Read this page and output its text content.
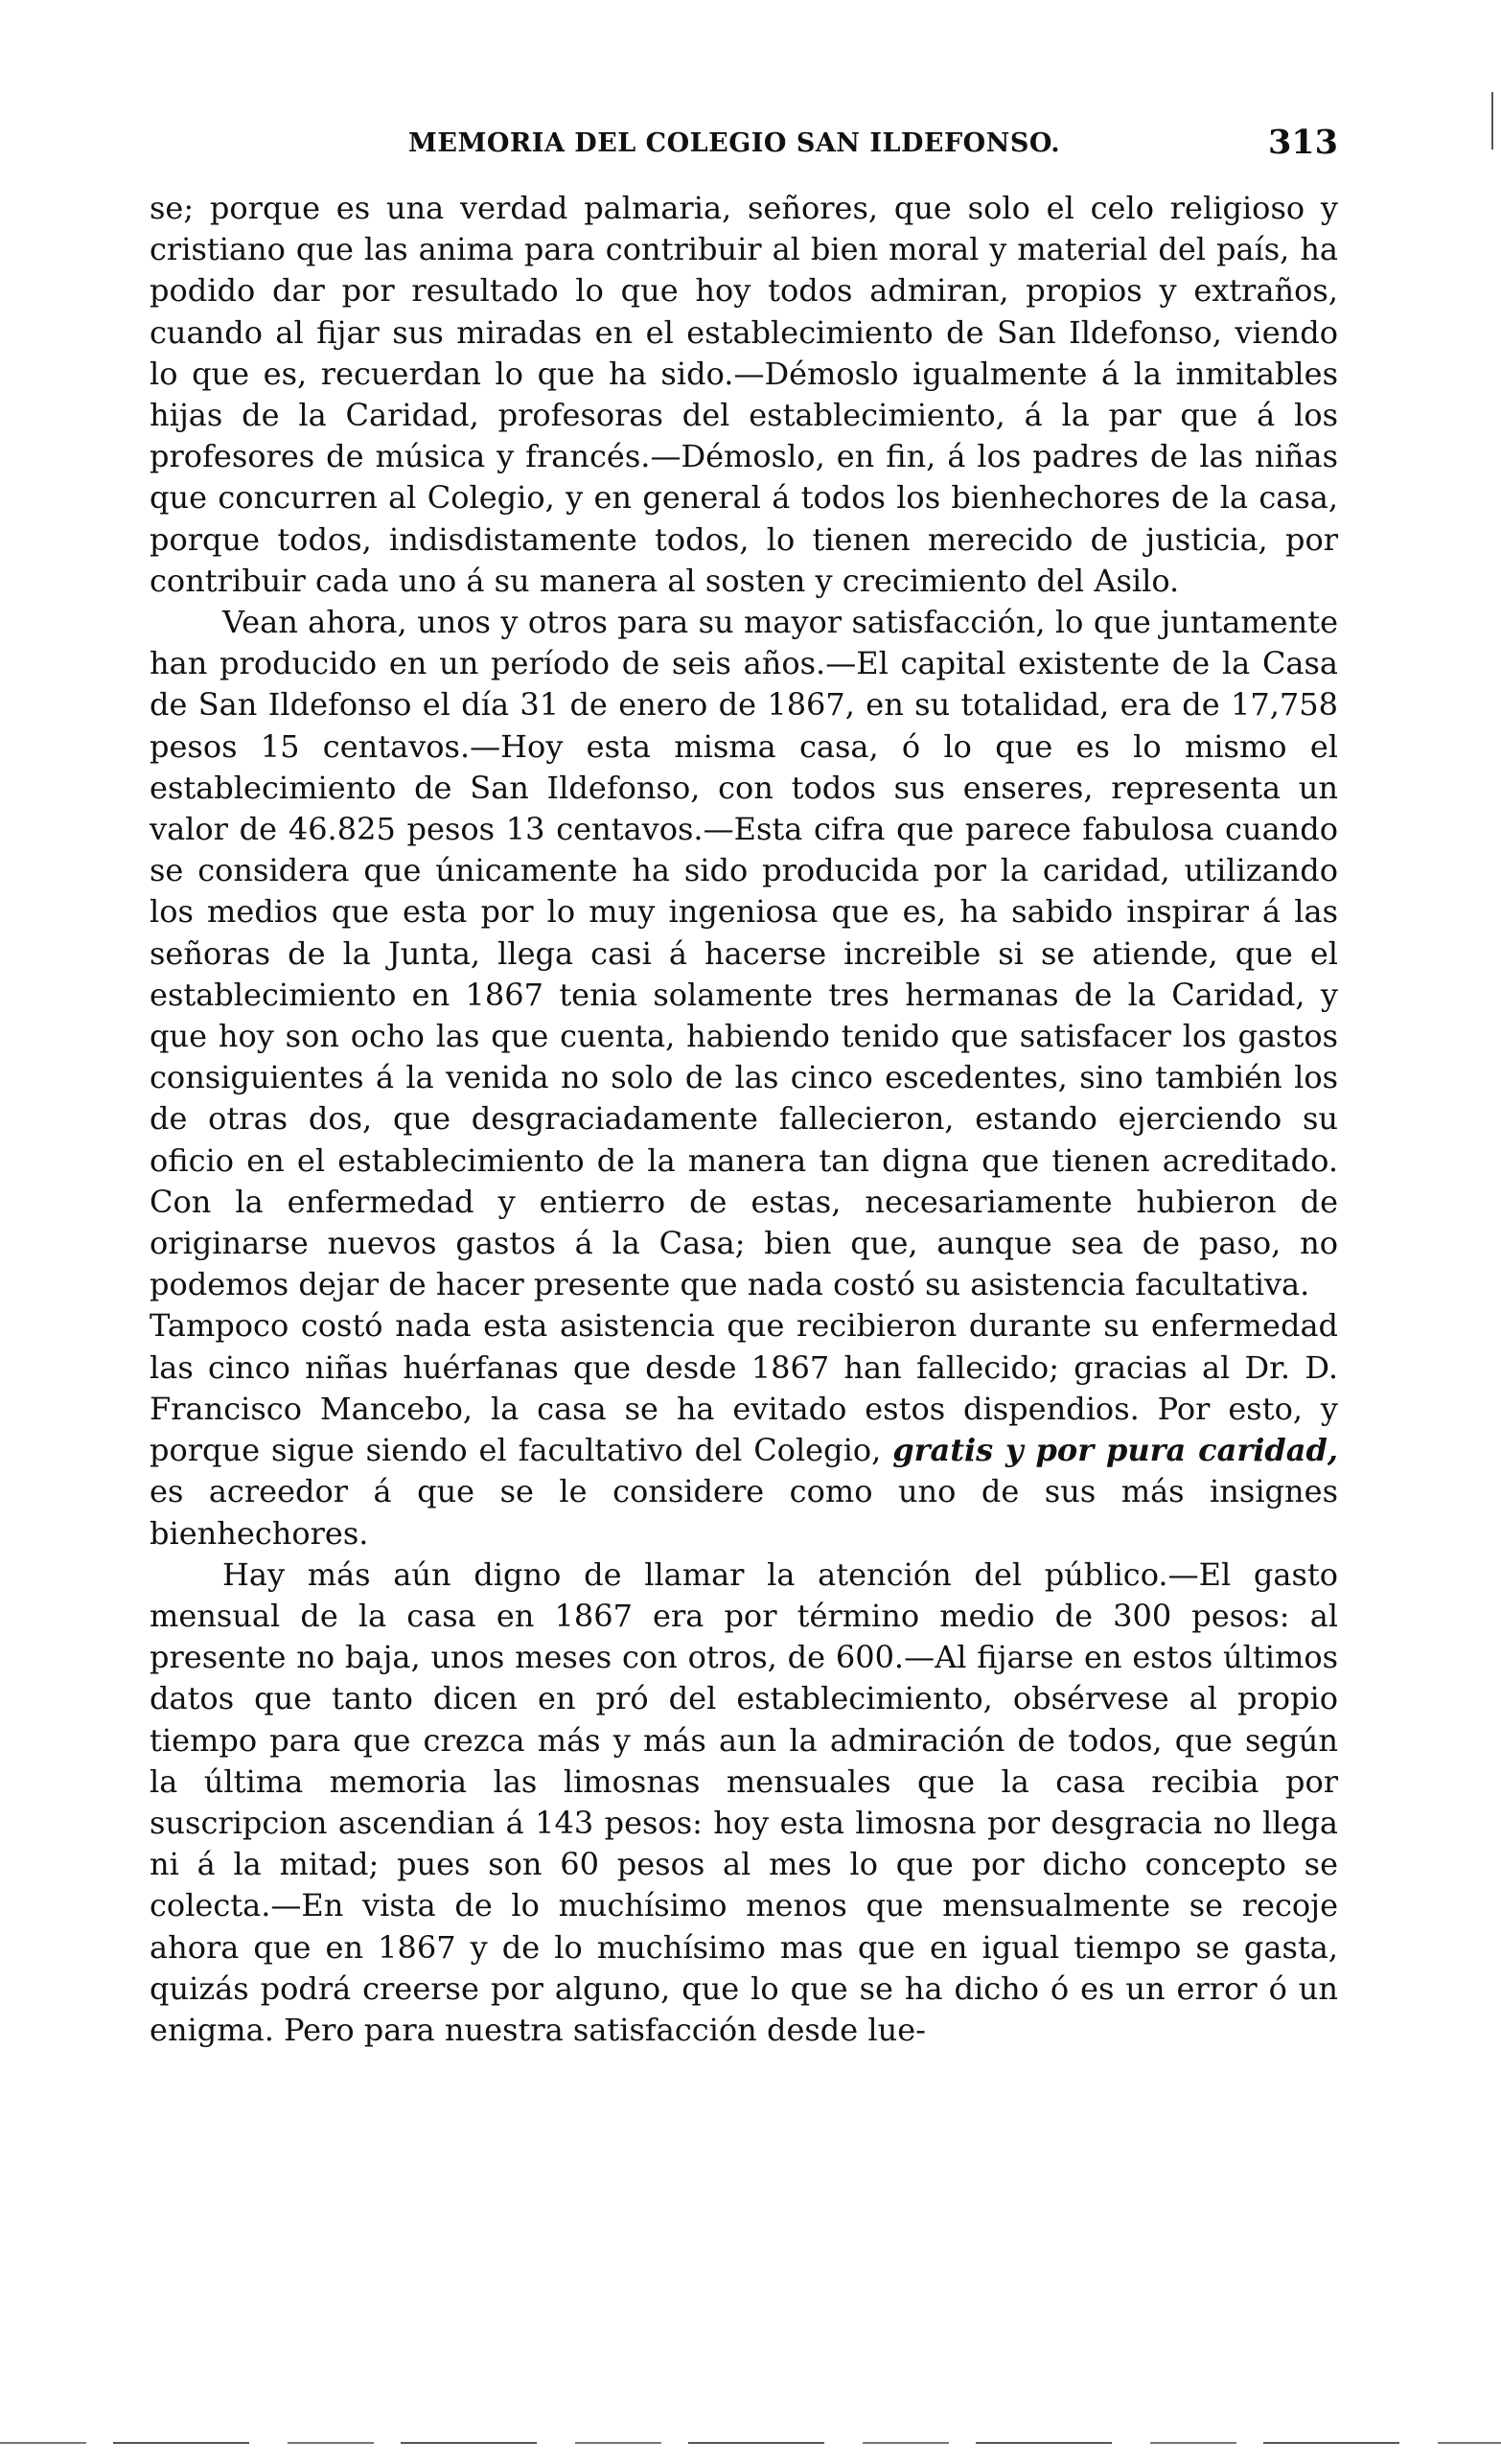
MEMORIA DEL COLEGIO SAN ILDEFONSO.	313

se; porque es una verdad palmaria, señores, que solo el celo religioso y cristiano que las anima para contribuir al bien moral y material del país, ha podido dar por resultado lo que hoy todos admiran, propios y extraños, cuando al fijar sus miradas en el establecimiento de San Ildefonso, viendo lo que es, recuerdan lo que ha sido.—Démoslo igualmente á la inmitables hijas de la Caridad, profesoras del establecimiento, á la par que á los profesores de música y francés.—Démoslo, en fin, á los padres de las niñas que concurren al Colegio, y en general á todos los bienhechores de la casa, porque todos, indisdistamente todos, lo tienen merecido de justicia, por contribuir cada uno á su manera al sosten y crecimiento del Asilo.

Vean ahora, unos y otros para su mayor satisfacción, lo que juntamente han producido en un período de seis años.—El capital existente de la Casa de San Ildefonso el día 31 de enero de 1867, en su totalidad, era de 17,758 pesos 15 centavos.—Hoy esta misma casa, ó lo que es lo mismo el establecimiento de San Ildefonso, con todos sus enseres, representa un valor de 46.825 pesos 13 centavos.—Esta cifra que parece fabulosa cuando se considera que únicamente ha sido producida por la caridad, utilizando los medios que esta por lo muy ingeniosa que es, ha sabido inspirar á las señoras de la Junta, llega casi á hacerse increible si se atiende, que el establecimiento en 1867 tenia solamente tres hermanas de la Caridad, y que hoy son ocho las que cuenta, habiendo tenido que satisfacer los gastos consiguientes á la venida no solo de las cinco escedentes, sino también los de otras dos, que desgraciadamente fallecieron, estando ejerciendo su oficio en el establecimiento de la manera tan digna que tienen acreditado. Con la enfermedad y entierro de estas, necesariamente hubieron de originarse nuevos gastos á la Casa; bien que, aunque sea de paso, no podemos dejar de hacer presente que nada costó su asistencia facultativa.

Tampoco costó nada esta asistencia que recibieron durante su enfermedad las cinco niñas huérfanas que desde 1867 han fallecido; gracias al Dr. D. Francisco Mancebo, la casa se ha evitado estos dispendios. Por esto, y porque sigue siendo el facultativo del Colegio, gratis y por pura caridad, es acreedor á que se le considere como uno de sus más insignes bienhechores.

Hay más aún digno de llamar la atención del público.—El gasto mensual de la casa en 1867 era por término medio de 300 pesos: al presente no baja, unos meses con otros, de 600.—Al fijarse en estos últimos datos que tanto dicen en pró del establecimiento, obsérvese al propio tiempo para que crezca más y más aun la admiración de todos, que según la última memoria las limosnas mensuales que la casa recibia por suscripcion ascendian á 143 pesos: hoy esta limosna por desgracia no llega ni á la mitad; pues son 60 pesos al mes lo que por dicho concepto se colecta.—En vista de lo muchísimo menos que mensualmente se recoje ahora que en 1867 y de lo muchísimo mas que en igual tiempo se gasta, quizás podrá creerse por alguno, que lo que se ha dicho ó es un error ó un enigma. Pero para nuestra satisfacción desde lue-
